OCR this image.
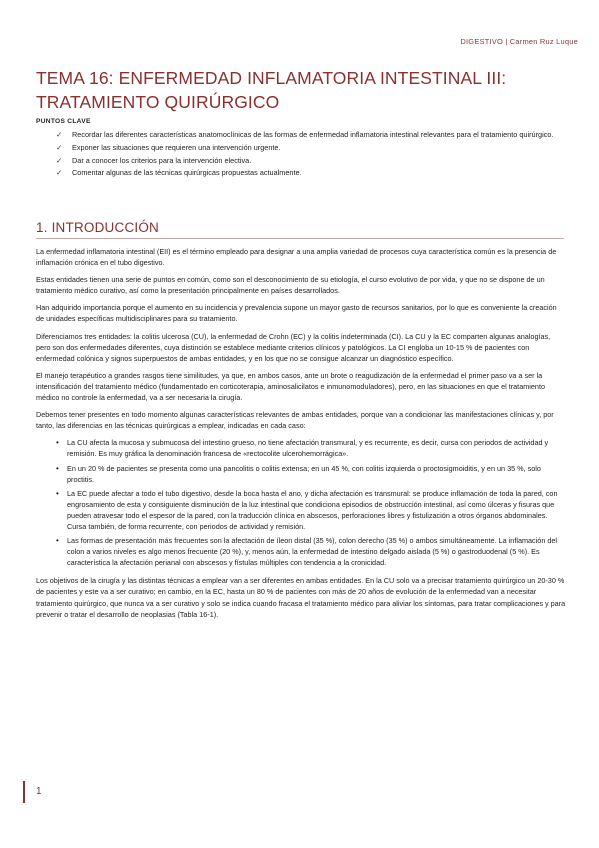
DIGESTIVO | Carmen Ruz Luque
TEMA 16: ENFERMEDAD INFLAMATORIA INTESTINAL III:
TRATAMIENTO QUIRÚRGICO
PUNTOS CLAVE
✓ Recordar las diferentes características anatomoclínicas de las formas de enfermedad inflamatoria intestinal relevantes para el tratamiento quirúrgico.
✓ Exponer las situaciones que requieren una intervención urgente.
✓ Dar a conocer los criterios para la intervención electiva.
✓ Comentar algunas de las técnicas quirúrgicas propuestas actualmente.
1. INTRODUCCIÓN

La enfermedad inflamatoria intestinal (EII) es el término empleado para designar a una amplia variedad de procesos cuya característica común es la presencia de inflamación crónica en el tubo digestivo.

Estas entidades tienen una serie de puntos en común, como son el desconocimiento de su etiología, el curso evolutivo de por vida, y que no se dispone de un tratamiento médico curativo, así como la presentación principalmente en países desarrollados.

Han adquirido importancia porque el aumento en su incidencia y prevalencia supone un mayor gasto de recursos sanitarios, por lo que es conveniente la creación de unidades específicas multidisciplinares para su tratamiento.

Diferenciamos tres entidades: la colitis ulcerosa (CU), la enfermedad de Crohn (EC) y la colitis indeterminada (CI). La CU y la EC comparten algunas analogías, pero son dos enfermedades diferentes, cuya distinción se establece mediante criterios clínicos y patológicos. La CI engloba un 10-15 % de pacientes con enfermedad colónica y signos superpuestos de ambas entidades, y en los que no se consigue alcanzar un diagnóstico específico.

El manejo terapéutico a grandes rasgos tiene similitudes, ya que, en ambos casos, ante un brote o reagudización de la enfermedad el primer paso va a ser la intensificación del tratamiento médico (fundamentado en corticoterapia, aminosalicilatos e inmunomoduladores), pero, en las situaciones en que el tratamiento médico no controle la enfermedad, va a ser necesaria la cirugía.

Debemos tener presentes en todo momento algunas características relevantes de ambas entidades, porque van a condicionar las manifestaciones clínicas y, por tanto, las diferencias en las técnicas quirúrgicas a emplear, indicadas en cada caso:

• La CU afecta la mucosa y submucosa del intestino grueso, no tiene afectación transmural, y es recurrente, es decir, cursa con periodos de actividad y remisión. Es muy gráfica la denominación francesa de «rectocolite ulcerohemorrágica».
• En un 20 % de pacientes se presenta como una pancolitis o colitis extensa; en un 45 %, con colitis izquierda o proctosigmoiditis, y en un 35 %, solo proctitis.
• La EC puede afectar a todo el tubo digestivo, desde la boca hasta el ano, y dicha afectación es transmural: se produce inflamación de toda la pared, con engrosamiento de esta y consiguiente disminución de la luz intestinal que condiciona episodios de obstrucción intestinal, así como úlceras y fisuras que pueden atravesar todo el espesor de la pared, con la traducción clínica en abscesos, perforaciones libres y fistulización a otros órganos abdominales. Cursa también, de forma recurrente, con periodos de actividad y remisión.
• Las formas de presentación más frecuentes son la afectación de íleon distal (35 %), colon derecho (35 %) o ambos simultáneamente. La inflamación del colon a varios niveles es algo menos frecuente (20 %), y, menos aún, la enfermedad de intestino delgado aislada (5 %) o gastroduodenal (5 %). Es característica la afectación perianal con abscesos y fístulas múltiples con tendencia a la cronicidad.

Los objetivos de la cirugía y las distintas técnicas a emplear van a ser diferentes en ambas entidades. En la CU solo va a precisar tratamiento quirúrgico un 20-30 % de pacientes y este va a ser curativo; en cambio, en la EC, hasta un 80 % de pacientes con más de 20 años de evolución de la enfermedad van a necesitar tratamiento quirúrgico, que nunca va a ser curativo y solo se indica cuando fracasa el tratamiento médico para aliviar los síntomas, para tratar complicaciones y para prevenir o tratar el desarrollo de neoplasias (Tabla 16-1).

1
